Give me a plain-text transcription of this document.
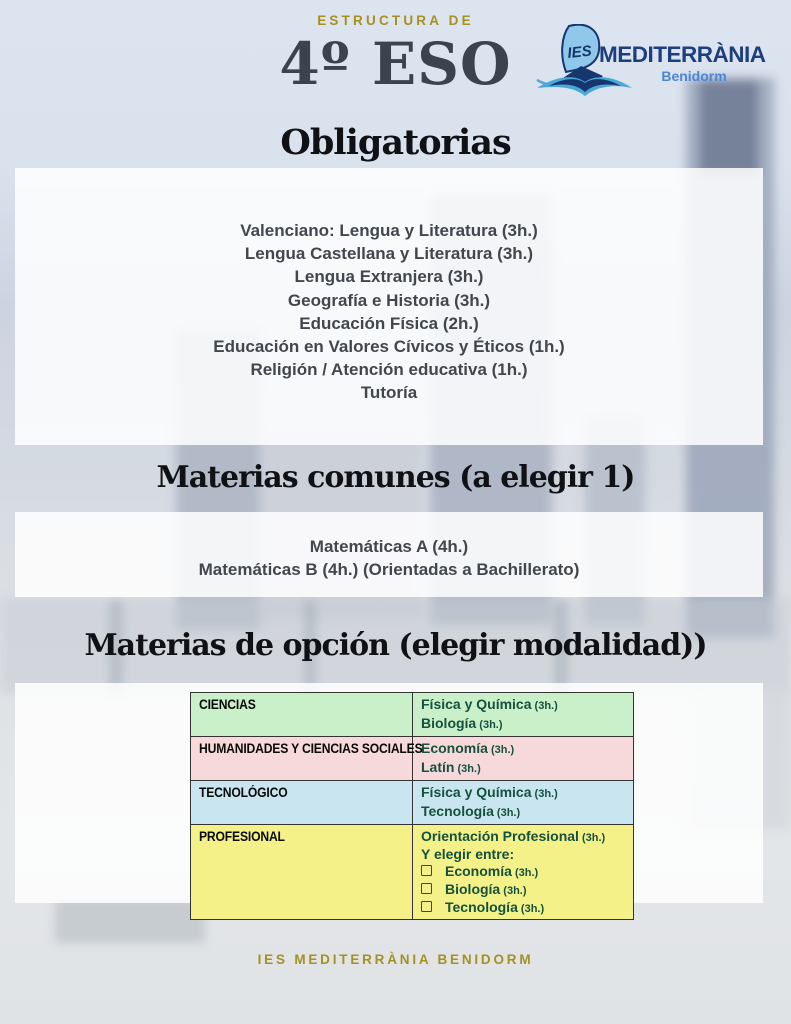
ESTRUCTURA DE
4º ESO	IES MEDITERRÀNIA
Benidorm
Obligatorias
Valenciano: Lengua y Literatura (3h.)
Lengua Castellana y Literatura (3h.)
Lengua Extranjera (3h.)
Geografía e Historia (3h.)
Educación Física (2h.)
Educación en Valores Cívicos y Éticos (1h.)
Religión / Atención educativa (1h.)
Tutoría
Materias comunes (a elegir 1)
Matemáticas A (4h.)
Matemáticas B (4h.) (Orientadas a Bachillerato)
Materias de opción (elegir modalidad))
CIENCIAS	Física y Química (3h.)
Biología (3h.)

HUMANIDADES Y CIENCIAS SOCIALES	Economía (3h.)
Latín (3h.)

TECNOLÓGICO	Física y Química (3h.)
Tecnología (3h.)

PROFESIONAL	Orientación Profesional (3h.)
Y elegir entre:
Economía (3h.)
Biología (3h.)
Tecnología (3h.)
IES MEDITERRÀNIA BENIDORM
